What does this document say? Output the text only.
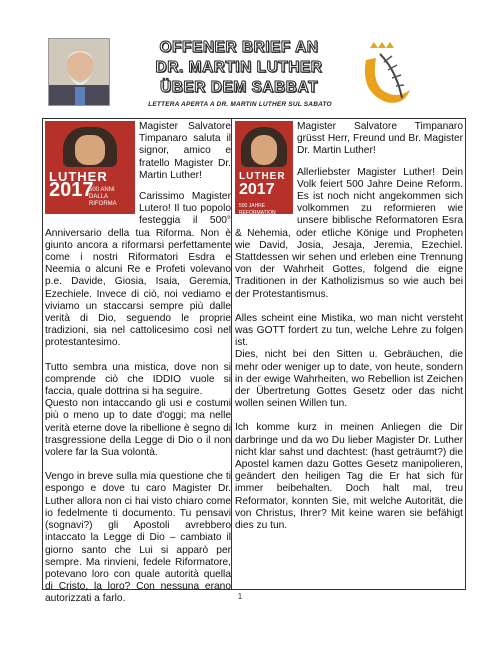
OFFENER BRIEF AN
DR. MARTIN LUTHER
ÜBER DEM SABBAT
LETTERA APERTA A DR. MARTIN LUTHER SUL SABATO
LUTHER
2017
500 ANNI
DALLA RIFORMA
Magister Salvatore Timpanaro saluta il signor, amico e fratello Magister Dr. Martin Luther!
Carissimo Magister Lutero! Il tuo popolo festeggia il 500° Anniversario della tua Riforma. Non è giunto ancora a riformarsi perfettamente come i nostri Riformatori Esdra e Neemia o alcuni Re e Profeti volevano p.e. Davide, Giosia, Isaia, Geremia, Ezechiele. Invece di ciò, noi vediamo e viviamo un staccarsi sempre più dalle verità di Dio, seguendo le proprie tradizioni, sia nel cattolicesimo così nel protestantesimo.
Tutto sembra una mistica, dove non si comprende ciò che IDDIO vuole si faccia, quale dottrina si ha seguire.
Questo non intaccando gli usi e costumi più o meno up to date d'oggi; ma nelle verità eterne dove la ribellione è segno di trasgressione della Legge di Dio o il non volere far la Sua volontà.
Vengo in breve sulla mia questione che ti espongo e dove tu caro Magister Dr. Luther allora non ci hai visto chiaro come io fedelmente ti documento. Tu pensavi (sognavi?) gli Apostoli avrebbero intaccato la Legge di Dio – cambiato il giorno santo che Lui si apparò per sempre. Ma rinvieni, fedele Riformatore, potevano loro con quale autorità quella di Cristo, la loro? Con nessuna erano autorizzati a farlo.
LUTHER
2017
500 JAHRE
REFORMATION
Magister Salvatore Timpanaro grüsst Herr, Freund und Br. Magister Dr. Martin Luther!
Allerliebster Magister Luther! Dein Volk feiert 500 Jahre Deine Reform. Es ist noch nicht angekommen sich volkommen zu reformieren wie unsere biblische Reformatoren Esra & Nehemia, oder etliche Könige und Propheten wie David, Josia, Jesaja, Jeremia, Ezechiel. Stattdessen wir sehen und erleben eine Trennung von der Wahrheit Gottes, folgend die eigne Traditionen in der Katholizismus so wie auch bei der Protestantismus.
Alles scheint eine Mistika, wo man nicht versteht was GOTT fordert zu tun, welche Lehre zu folgen ist.
Dies, nicht bei den Sitten u. Gebräuchen, die mehr oder weniger up to date, von heute, sondern in der ewige Wahrheiten, wo Rebellion ist Zeichen der Übertretung Gottes Gesetz oder das nicht wollen seinen Willen tun.
Ich komme kurz in meinen Anliegen die Dir darbringe und da wo Du lieber Magister Dr. Luther nicht klar sahst und dachtest: (hast geträumt?) die Apostel kamen dazu Gottes Gesetz manipolieren, geändert den heiligen Tag die Er hat sich für immer beibehalten. Doch halt mal, treu Reformator, konnten Sie, mit welche Autorität, die von Christus, Ihrer? Mit keine waren sie befähigt dies zu tun.
1
